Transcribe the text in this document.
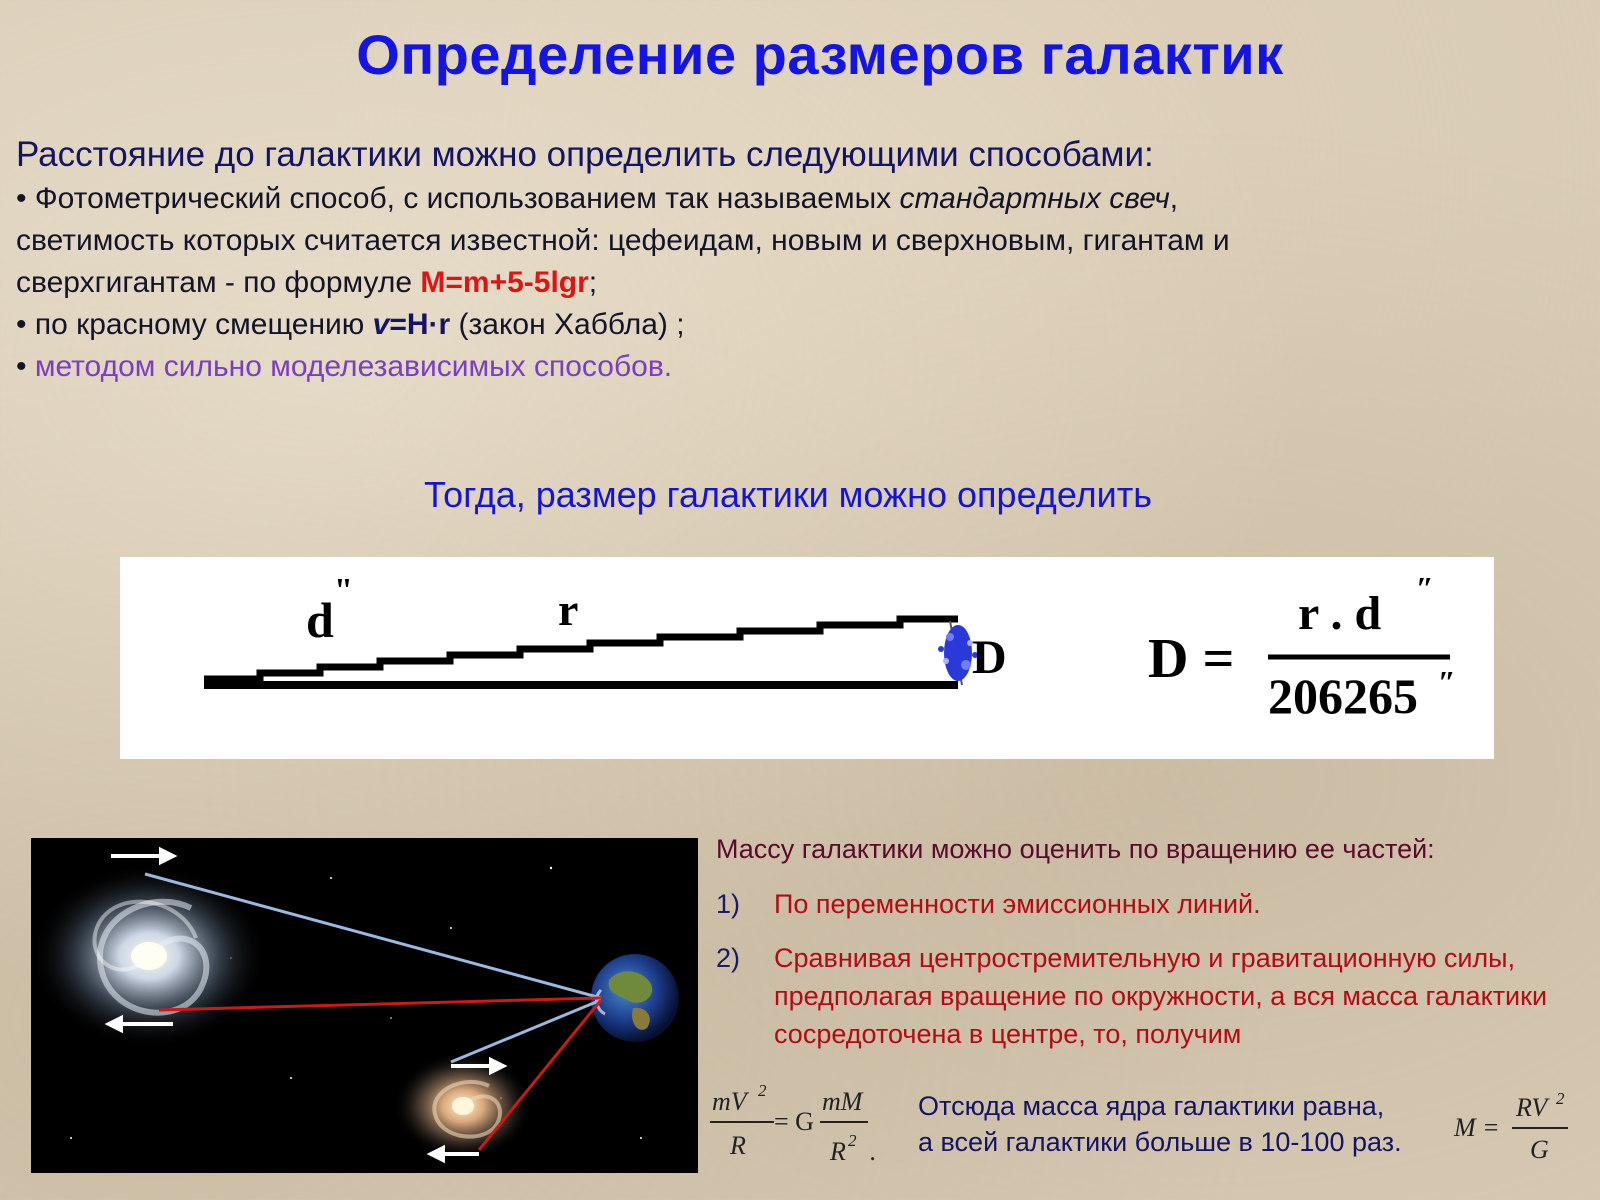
Определение размеров галактик
Расстояние до галактики можно определить следующими способами:

• Фотометрический способ, с использованием так называемых стандартных свеч,

светимость которых считается известной: цефеидам, новым и сверхновым, гигантам и

сверхгигантам - по формуле M=m+5-5lgr;

• по красному смещению v=H·r (закон Хаббла) ;

• методом сильно моделезависимых способов.

Тогда, размер галактики можно определить
d
"	r
D	D =
r . d ″
206265 ″
Массу галактики можно оценить по вращению ее частей:
1)	По переменности эмиссионных линий.
2)	Сравнивая центростремительную и гравитационную силы, предполагая вращение по окружности, а вся масса галактики сосредоточена в центре, то, получим
mV 2
R
= G
mM
R 2 .
Отсюда масса ядра галактики равна,
а всей галактики больше в 10-100 раз. M =
RV 2
G
